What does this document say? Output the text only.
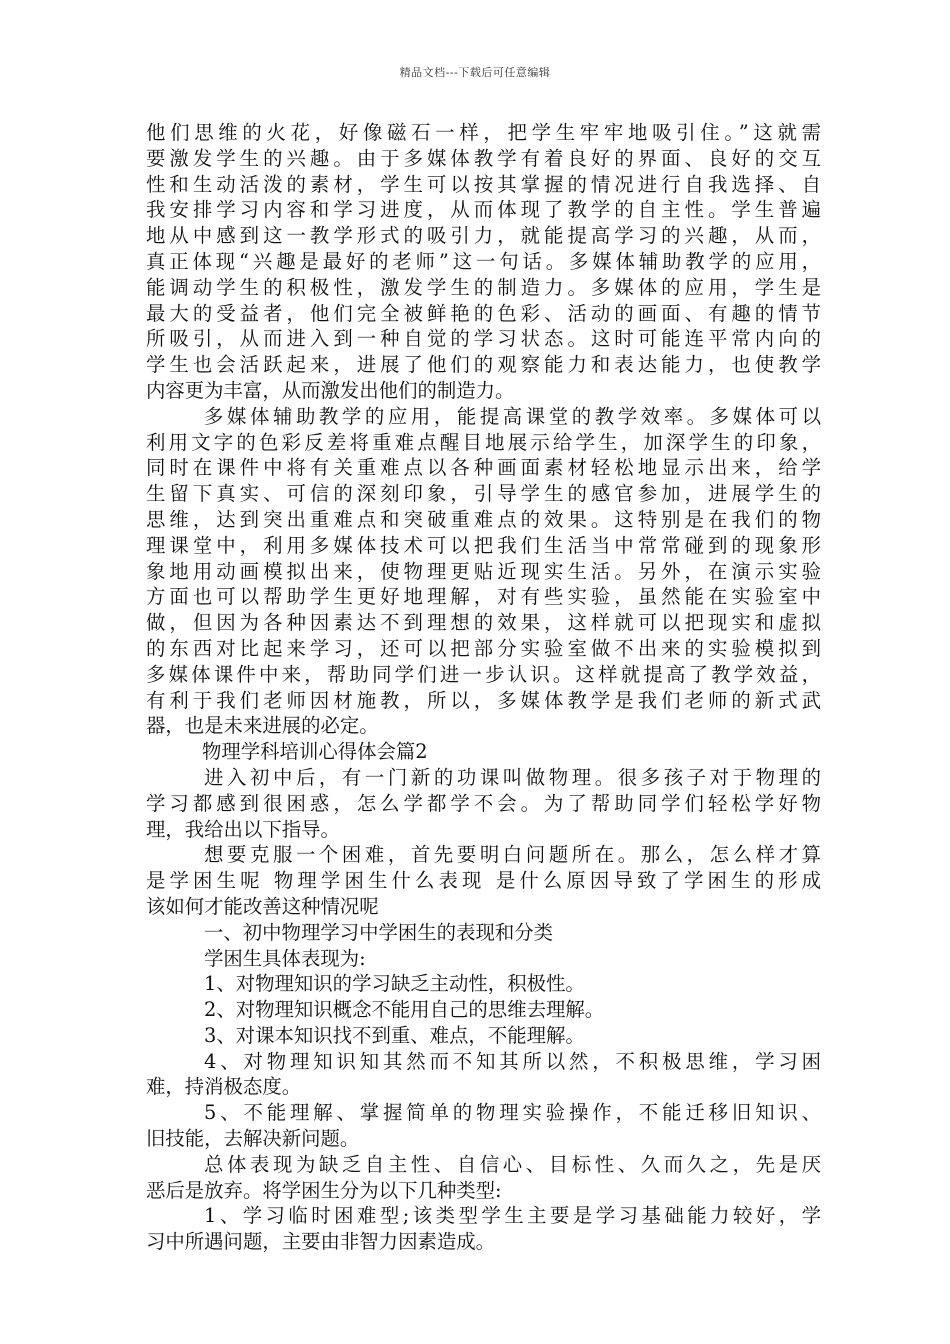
精品文档---下载后可任意编辑
他们思维的火花，好像磁石一样，把学生牢牢地吸引住。”这就需
要激发学生的兴趣。由于多媒体教学有着良好的界面、良好的交互
性和生动活泼的素材，学生可以按其掌握的情况进行自我选择、自
我安排学习内容和学习进度，从而体现了教学的自主性。学生普遍
地从中感到这一教学形式的吸引力，就能提高学习的兴趣，从而，
真正体现“兴趣是最好的老师”这一句话。多媒体辅助教学的应用，
能调动学生的积极性，激发学生的制造力。多媒体的应用，学生是
最大的受益者，他们完全被鲜艳的色彩、活动的画面、有趣的情节
所吸引，从而进入到一种自觉的学习状态。这时可能连平常内向的
学生也会活跃起来，进展了他们的观察能力和表达能力，也使教学
内容更为丰富，从而激发出他们的制造力。
多媒体辅助教学的应用，能提高课堂的教学效率。多媒体可以
利用文字的色彩反差将重难点醒目地展示给学生，加深学生的印象，
同时在课件中将有关重难点以各种画面素材轻松地显示出来，给学
生留下真实、可信的深刻印象，引导学生的感官参加，进展学生的
思维，达到突出重难点和突破重难点的效果。这特别是在我们的物
理课堂中，利用多媒体技术可以把我们生活当中常常碰到的现象形
象地用动画模拟出来，使物理更贴近现实生活。另外，在演示实验
方面也可以帮助学生更好地理解，对有些实验，虽然能在实验室中
做，但因为各种因素达不到理想的效果，这样就可以把现实和虚拟
的东西对比起来学习，还可以把部分实验室做不出来的实验模拟到
多媒体课件中来，帮助同学们进一步认识。这样就提高了教学效益，
有利于我们老师因材施教，所以，多媒体教学是我们老师的新式武
器，也是未来进展的必定。
物理学科培训心得体会篇2
进入初中后，有一门新的功课叫做物理。很多孩子对于物理的
学习都感到很困惑，怎么学都学不会。为了帮助同学们轻松学好物
理，我给出以下指导。
想要克服一个困难，首先要明白问题所在。那么，怎么样才算
是学困生呢 物理学困生什么表现 是什么原因导致了学困生的形成
该如何才能改善这种情况呢
一、初中物理学习中学困生的表现和分类
学困生具体表现为:
1、对物理知识的学习缺乏主动性，积极性。
2、对物理知识概念不能用自己的思维去理解。
3、对课本知识找不到重、难点，不能理解。
4、对物理知识知其然而不知其所以然，不积极思维，学习困
难，持消极态度。
5、不能理解、掌握简单的物理实验操作，不能迁移旧知识、
旧技能，去解决新问题。
总体表现为缺乏自主性、自信心、目标性、久而久之，先是厌
恶后是放弃。将学困生分为以下几种类型:
1、学习临时困难型;该类型学生主要是学习基础能力较好，学
习中所遇问题，主要由非智力因素造成。
